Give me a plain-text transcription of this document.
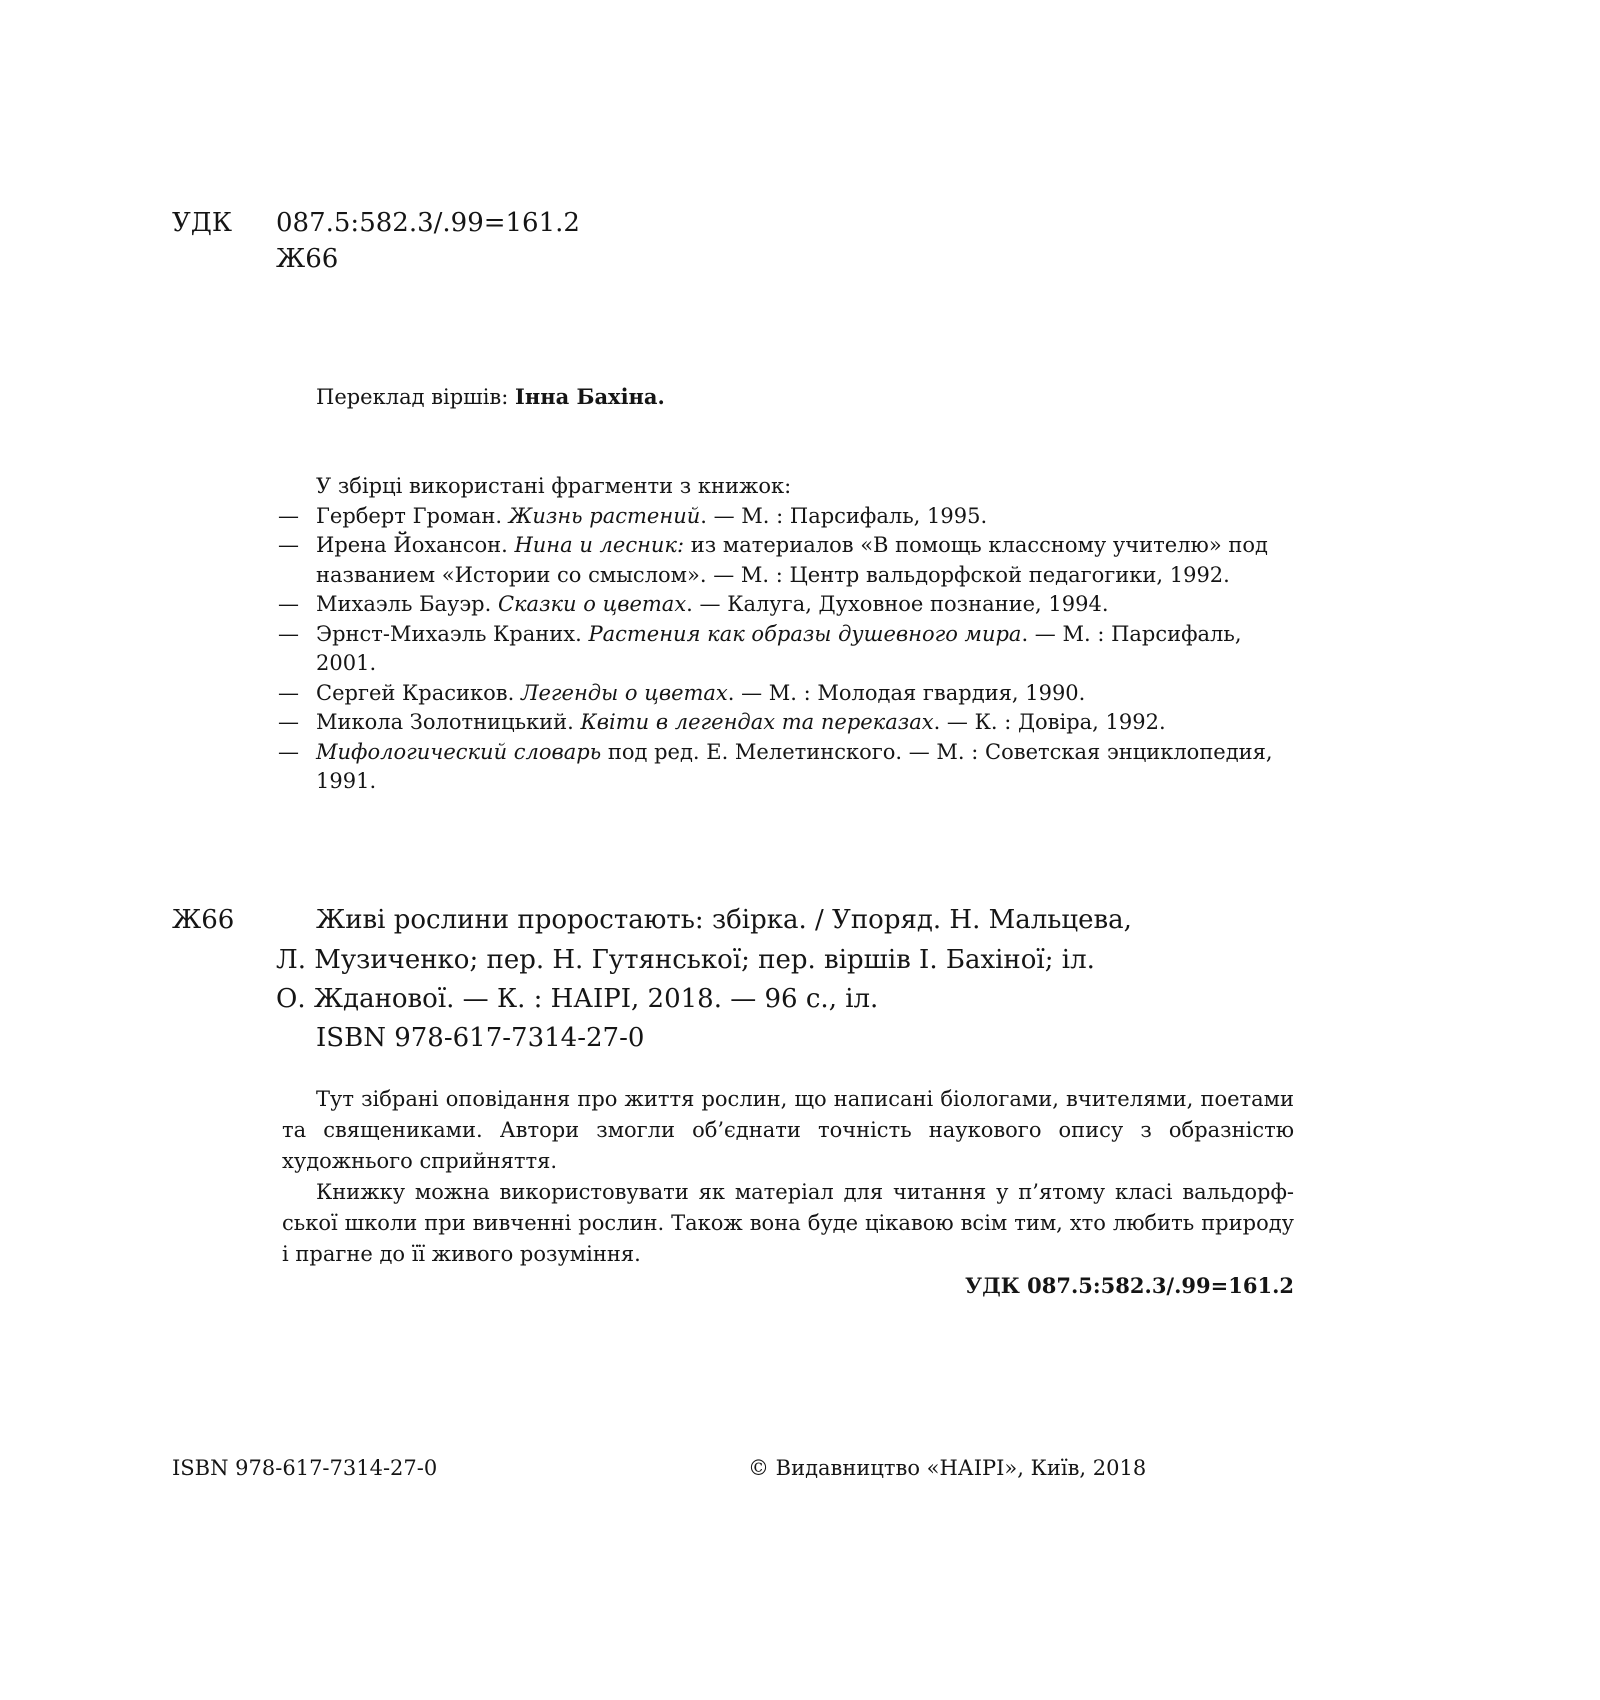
УДК 087.5:582.3/.99=161.2
Ж66
Переклад віршів: Інна Бахіна.
У збірці використані фрагменти з книжок:
— Герберт Громан. Жизнь растений. — М. : Парсифаль, 1995.
— Ирена Йохансон. Нина и лесник: из материалов «В помощь классному учителю» под названием «Истории со смыслом». — М. : Центр вальдорфской педагогики, 1992.
— Михаэль Бауэр. Сказки о цветах. — Калуга, Духовное познание, 1994.
— Эрнст-Михаэль Краних. Растения как образы душевного мира. — М. : Парсифаль, 2001.
— Сергей Красиков. Легенды о цветах. — М. : Молодая гвардия, 1990.
— Микола Золотницький. Квіти в легендах та переказах. — К. : Довіра, 1992.
— Мифологический словарь под ред. Е. Мелетинского. — М. : Советская энциклопедия, 1991.
Ж66	Живі рослини проростають: збірка. / Упоряд. Н. Мальцева,
Л. Музиченко; пер. Н. Гутянської; пер. віршів І. Бахіної; іл.
О. Жданової. — К. : НАІРІ, 2018. — 96 с., іл.
ISBN 978-617-7314-27-0

Тут зібрані оповідання про життя рослин, що написані біологами, вчителями, поетами та священиками. Автори змогли об’єднати точність наукового опису з образністю художнього сприйняття.

Книжку можна використовувати як матеріал для читання у п’ятому класі вальдорфської школи при вивченні рослин. Також вона буде цікавою всім тим, хто любить природу і прагне до її живого розуміння.

УДК 087.5:582.3/.99=161.2
ISBN 978-617-7314-27-0	© Видавництво «НАІРІ», Київ, 2018
